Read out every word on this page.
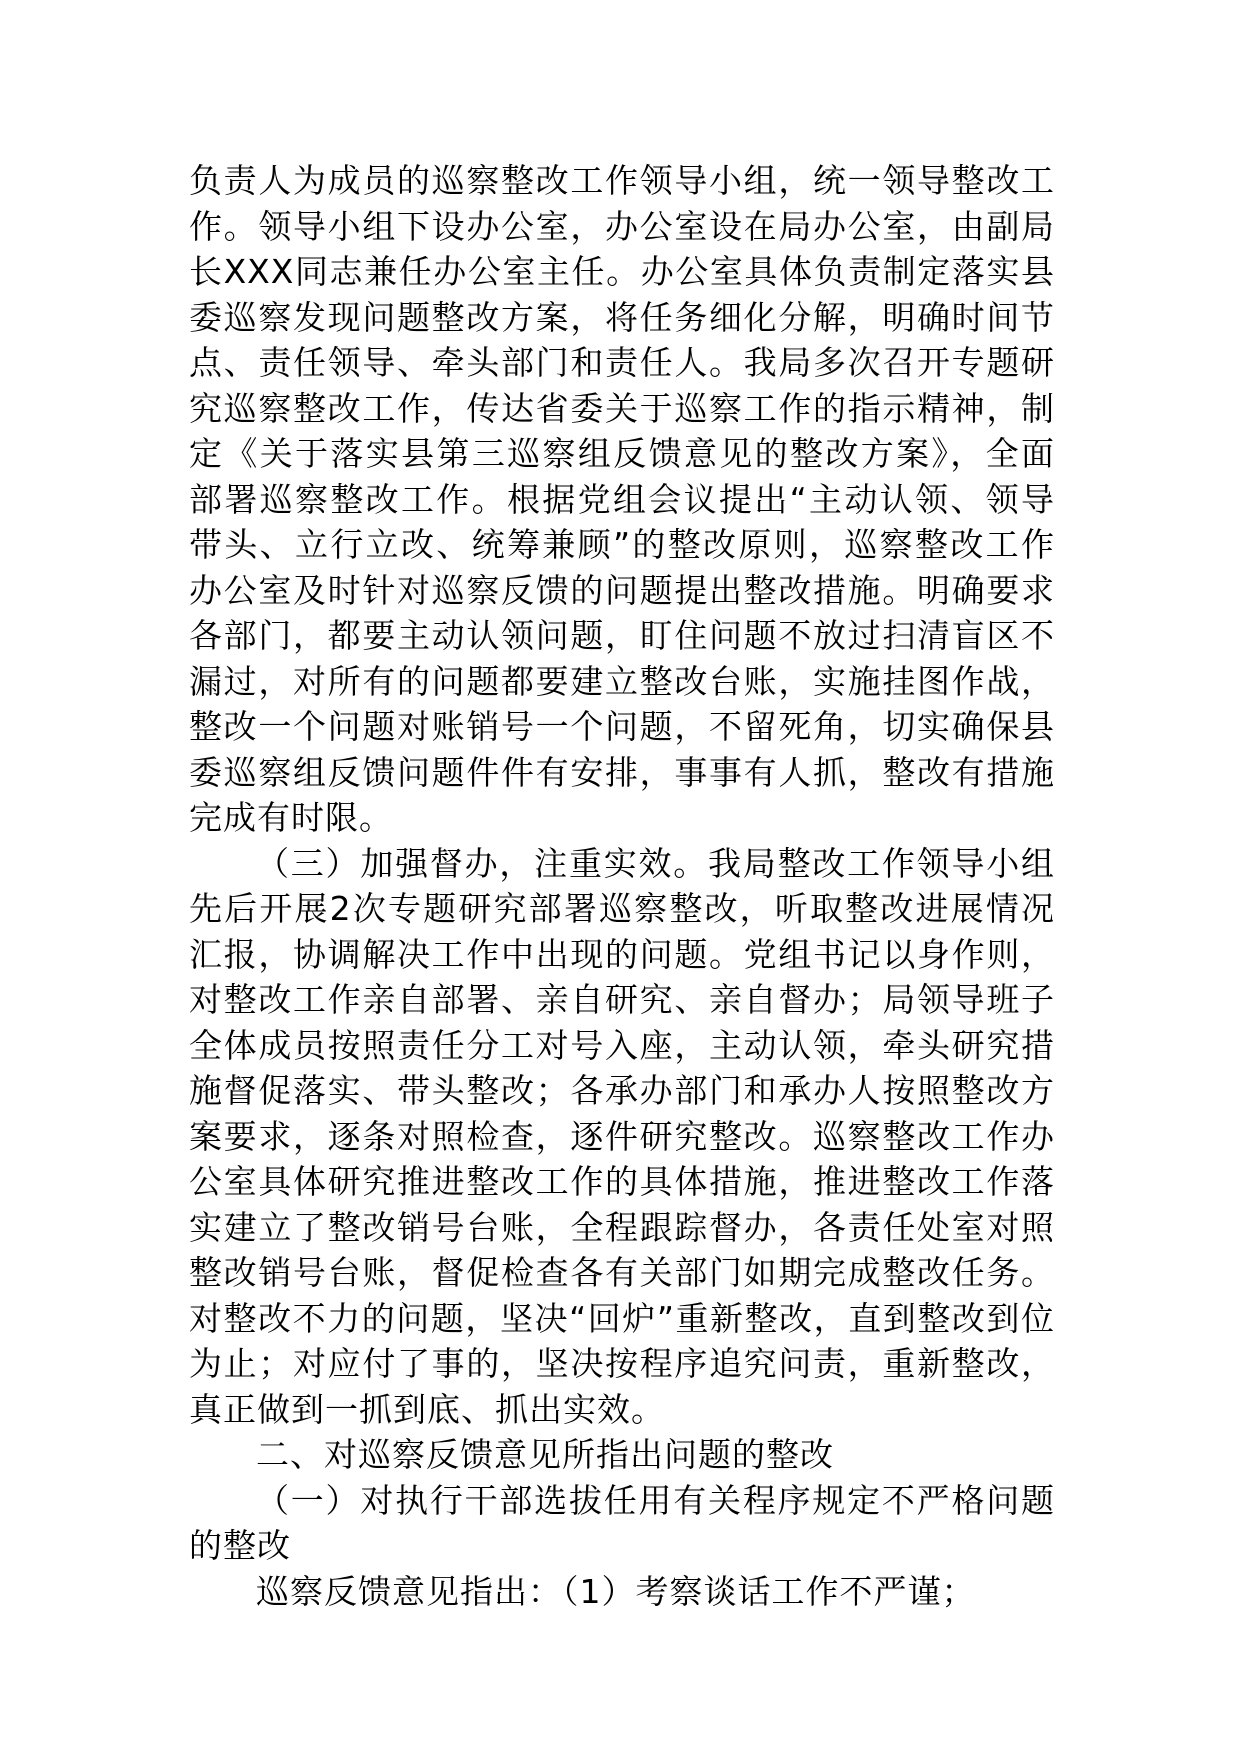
负责人为成员的巡察整改工作领导小组，统一领导整改工作。领导小组下设办公室，办公室设在局办公室，由副局长XXX同志兼任办公室主任。办公室具体负责制定落实县委巡察发现问题整改方案，将任务细化分解，明确时间节点、责任领导、牵头部门和责任人。我局多次召开专题研究巡察整改工作，传达省委关于巡察工作的指示精神，制定《关于落实县第三巡察组反馈意见的整改方案》，全面部署巡察整改工作。根据党组会议提出“主动认领、领导带头、立行立改、统筹兼顾”的整改原则，巡察整改工作办公室及时针对巡察反馈的问题提出整改措施。明确要求各部门，都要主动认领问题，盯住问题不放过扫清盲区不漏过，对所有的问题都要建立整改台账，实施挂图作战，整改一个问题对账销号一个问题，不留死角，切实确保县委巡察组反馈问题件件有安排，事事有人抓，整改有措施完成有时限。

（三）加强督办，注重实效。我局整改工作领导小组先后开展2次专题研究部署巡察整改，听取整改进展情况汇报，协调解决工作中出现的问题。党组书记以身作则，对整改工作亲自部署、亲自研究、亲自督办；局领导班子全体成员按照责任分工对号入座，主动认领，牵头研究措施督促落实、带头整改；各承办部门和承办人按照整改方案要求，逐条对照检查，逐件研究整改。巡察整改工作办公室具体研究推进整改工作的具体措施，推进整改工作落实建立了整改销号台账，全程跟踪督办，各责任处室对照整改销号台账，督促检查各有关部门如期完成整改任务。对整改不力的问题，坚决“回炉”重新整改，直到整改到位为止；对应付了事的，坚决按程序追究问责，重新整改，真正做到一抓到底、抓出实效。

二、对巡察反馈意见所指出问题的整改

（一）对执行干部选拔任用有关程序规定不严格问题的整改

巡察反馈意见指出：（1）考察谈话工作不严谨；
